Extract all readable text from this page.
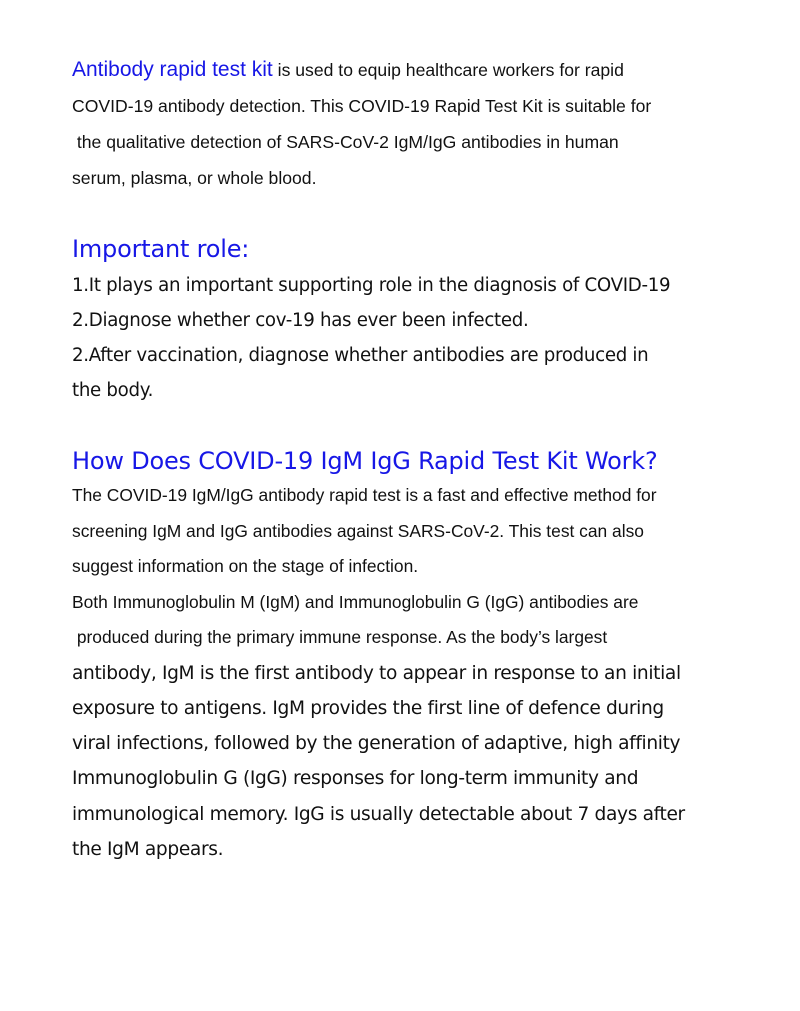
Antibody rapid test kit is used to equip healthcare workers for rapid
COVID-19 antibody detection. This COVID-19 Rapid Test Kit is suitable for
the qualitative detection of SARS-CoV-2 IgM/IgG antibodies in human
serum, plasma, or whole blood.

Important role:
1.It plays an important supporting role in the diagnosis of COVID-19
2.Diagnose whether cov-19 has ever been infected.
2.After vaccination, diagnose whether antibodies are produced in
the body.
How Does COVID-19 IgM IgG Rapid Test Kit Work?

The COVID-19 IgM/IgG antibody rapid test is a fast and effective method for
screening IgM and IgG antibodies against SARS-CoV-2. This test can also
suggest information on the stage of infection.

Both Immunoglobulin M (IgM) and Immunoglobulin G (IgG) antibodies are
produced during the primary immune response. As the body’s largest
antibody, IgM is the first antibody to appear in response to an initial
exposure to antigens. IgM provides the first line of defence during
viral infections, followed by the generation of adaptive, high affinity
Immunoglobulin G (IgG) responses for long-term immunity and
immunological memory. IgG is usually detectable about 7 days after
the IgM appears.
